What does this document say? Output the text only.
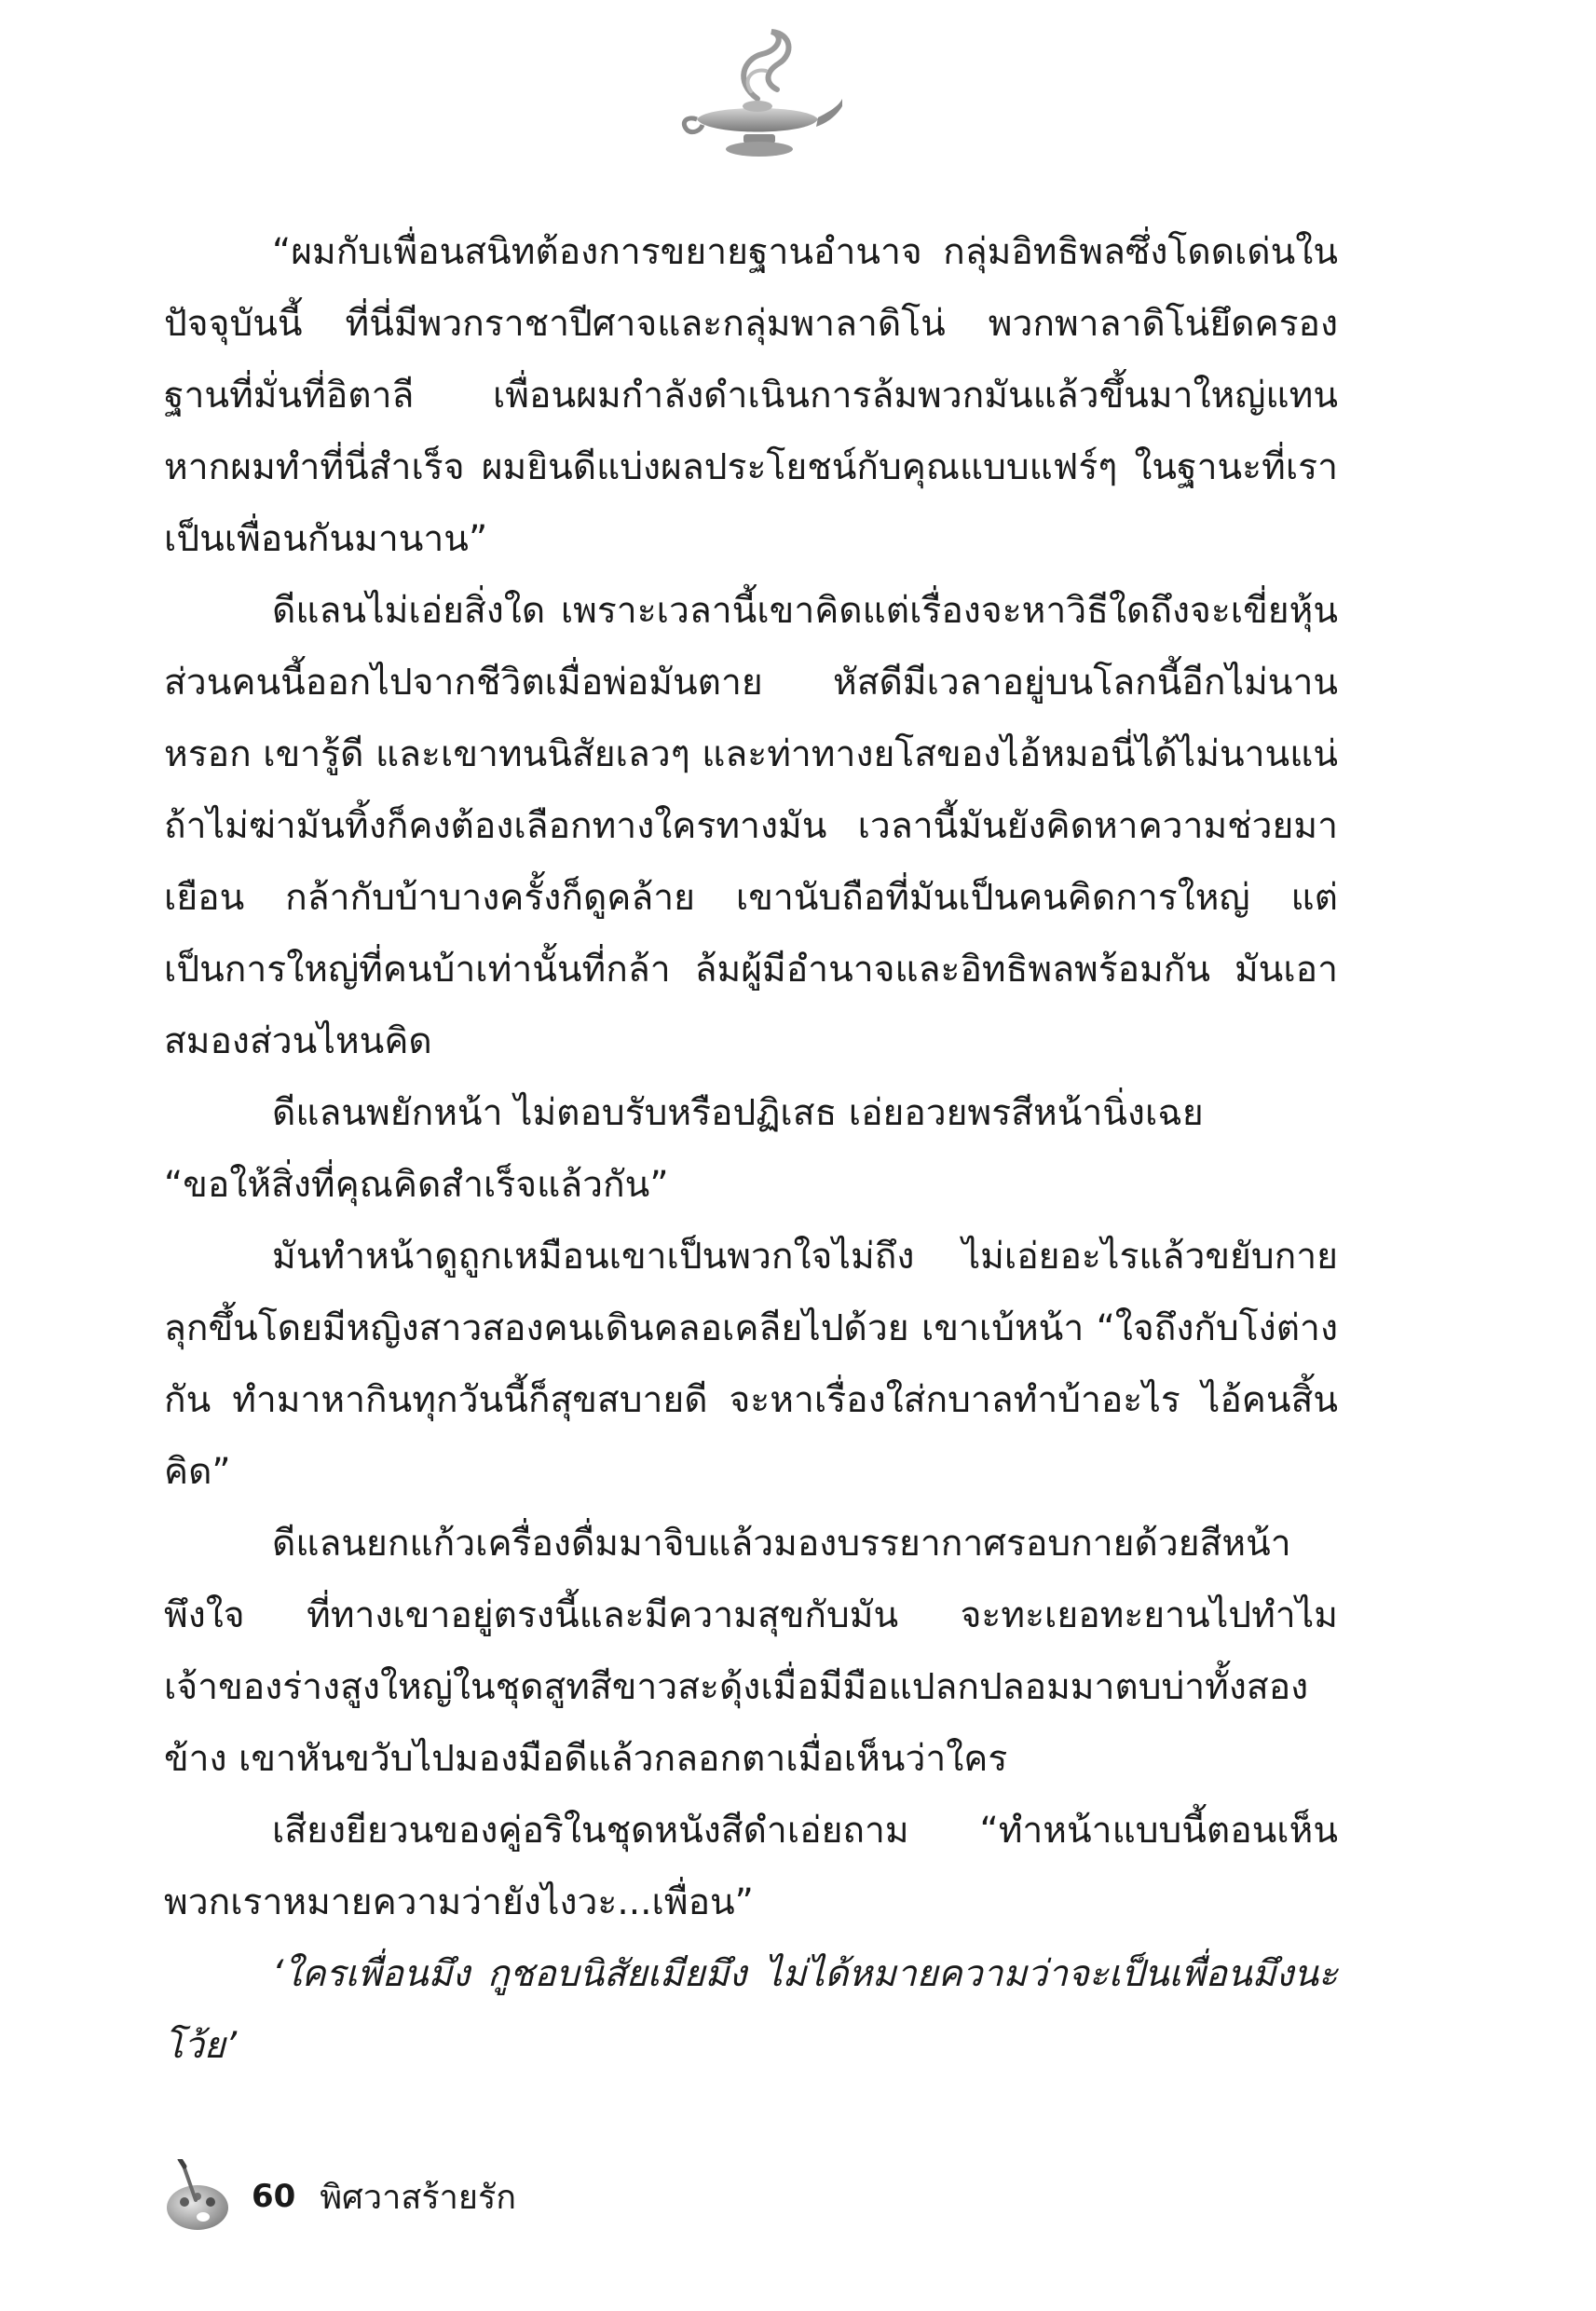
“ผมกับเพื่อนสนิทต้องการขยายฐานอำนาจ กลุ่มอิทธิพลซึ่งโดดเด่นในปัจจุบันนี้ ที่นี่มีพวกราชาปีศาจและกลุ่มพาลาดิโน่ พวกพาลาดิโน่ยึดครองฐานที่มั่นที่อิตาลี เพื่อนผมกำลังดำเนินการล้มพวกมันแล้วขึ้นมาใหญ่แทน หากผมทำที่นี่สำเร็จ ผมยินดีแบ่งผลประโยชน์กับคุณแบบแฟร์ๆ ในฐานะที่เราเป็นเพื่อนกันมานาน”

ดีแลนไม่เอ่ยสิ่งใด เพราะเวลานี้เขาคิดแต่เรื่องจะหาวิธีใดถึงจะเขี่ยหุ้นส่วนคนนี้ออกไปจากชีวิตเมื่อพ่อมันตาย หัสดีมีเวลาอยู่บนโลกนี้อีกไม่นานหรอก เขารู้ดี และเขาทนนิสัยเลวๆ และท่าทางยโสของไอ้หมอนี่ได้ไม่นานแน่ ถ้าไม่ฆ่ามันทิ้งก็คงต้องเลือกทางใครทางมัน เวลานี้มันยังคิดหาความช่วยมาเยือน กล้ากับบ้าบางครั้งก็ดูคล้าย เขานับถือที่มันเป็นคนคิดการใหญ่ แต่เป็นการใหญ่ที่คนบ้าเท่านั้นที่กล้า ล้มผู้มีอำนาจและอิทธิพลพร้อมกัน มันเอาสมองส่วนไหนคิด

ดีแลนพยักหน้า ไม่ตอบรับหรือปฏิเสธ เอ่ยอวยพรสีหน้านิ่งเฉย

“ขอให้สิ่งที่คุณคิดสำเร็จแล้วกัน”

มันทำหน้าดูถูกเหมือนเขาเป็นพวกใจไม่ถึง ไม่เอ่ยอะไรแล้วขยับกายลุกขึ้นโดยมีหญิงสาวสองคนเดินคลอเคลียไปด้วย เขาเบ้หน้า “ใจถึงกับโง่ต่างกัน ทำมาหากินทุกวันนี้ก็สุขสบายดี จะหาเรื่องใส่กบาลทำบ้าอะไร ไอ้คนสิ้นคิด”

ดีแลนยกแก้วเครื่องดื่มมาจิบแล้วมองบรรยากาศรอบกายด้วยสีหน้าพึงใจ ที่ทางเขาอยู่ตรงนี้และมีความสุขกับมัน จะทะเยอทะยานไปทำไม เจ้าของร่างสูงใหญ่ในชุดสูทสีขาวสะดุ้งเมื่อมีมือแปลกปลอมมาตบบ่าทั้งสองข้าง เขาหันขวับไปมองมือดีแล้วกลอกตาเมื่อเห็นว่าใคร

เสียงยียวนของคู่อริในชุดหนังสีดำเอ่ยถาม “ทำหน้าแบบนี้ตอนเห็นพวกเราหมายความว่ายังไงวะ...เพื่อน”

‘ใครเพื่อนมึง กูชอบนิสัยเมียมึง ไม่ได้หมายความว่าจะเป็นเพื่อนมึงนะโว้ย’

60 พิศวาสร้ายรัก
